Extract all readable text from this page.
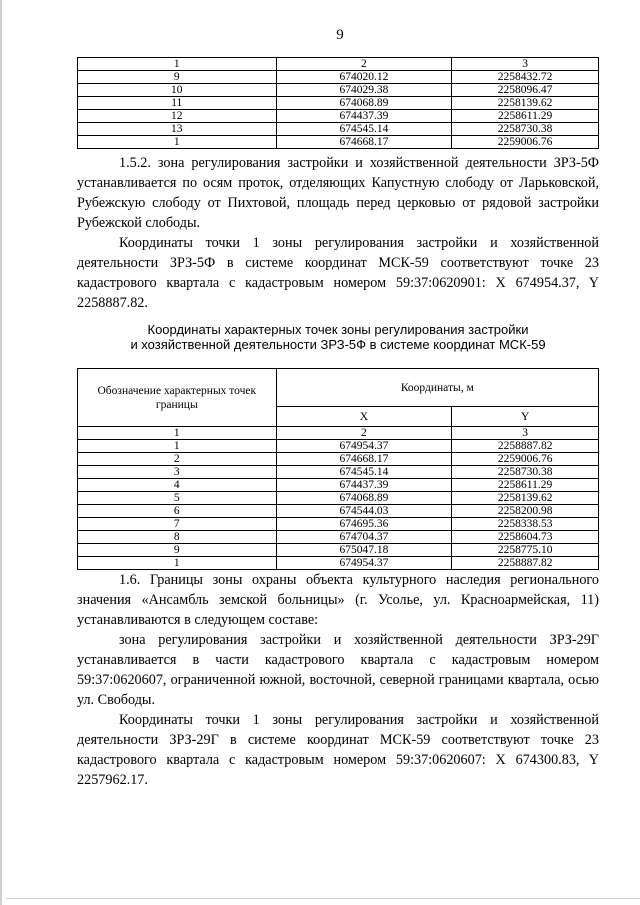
9
1	2	3
9	674020.12	2258432.72
10	674029.38	2258096.47
11	674068.89	2258139.62
12	674437.39	2258611.29
13	674545.14	2258730.38
1	674668.17	2259006.76
1.5.2. зона регулирования застройки и хозяйственной деятельности ЗРЗ-5Ф устанавливается по осям проток, отделяющих Капустную слободу от Ларьковской, Рубежскую слободу от Пихтовой, площадь перед церковью от рядовой застройки Рубежской слободы.
Координаты точки 1 зоны регулирования застройки и хозяйственной деятельности ЗРЗ-5Ф в системе координат МСК-59 соответствуют точке 23 кадастрового квартала с кадастровым номером 59:37:0620901: X 674954.37, Y 2258887.82.
Координаты характерных точек зоны регулирования застройки
и хозяйственной деятельности ЗРЗ-5Ф в системе координат МСК-59
Обозначение характерных точек границы	Координаты, м	
	X	Y
1	2	3
1	674954.37	2258887.82
2	674668.17	2259006.76
3	674545.14	2258730.38
4	674437.39	2258611.29
5	674068.89	2258139.62
6	674544.03	2258200.98
7	674695.36	2258338.53
8	674704.37	2258604.73
9	675047.18	2258775.10
1	674954.37	2258887.82
1.6. Границы зоны охраны объекта культурного наследия регионального значения «Ансамбль земской больницы» (г. Усолье, ул. Красноармейская, 11) устанавливаются в следующем составе:
зона регулирования застройки и хозяйственной деятельности ЗРЗ-29Г устанавливается в части кадастрового квартала с кадастровым номером 59:37:0620607, ограниченной южной, восточной, северной границами квартала, осью ул. Свободы.
Координаты точки 1 зоны регулирования застройки и хозяйственной деятельности ЗРЗ-29Г в системе координат МСК-59 соответствуют точке 23 кадастрового квартала с кадастровым номером 59:37:0620607: X 674300.83, Y 2257962.17.
